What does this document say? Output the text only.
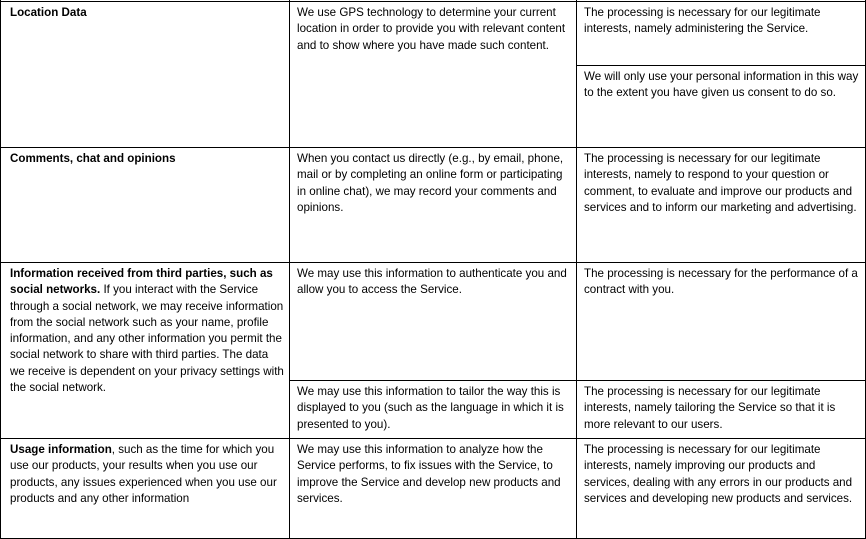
Location Data	We use GPS technology to determine your current location in order to provide you with relevant content and to show where you have made such content.
The processing is necessary for our legitimate interests, namely administering the Service.
We will only use your personal information in this way to the extent you have given us consent to do so.
Comments, chat and opinions	When you contact us directly (e.g., by email, phone, mail or by completing an online form or participating in online chat), we may record your comments and opinions.
The processing is necessary for our legitimate interests, namely to respond to your question or comment, to evaluate and improve our products and services and to inform our marketing and advertising.
Information received from third parties, such as social networks. If you interact with the Service through a social network, we may receive information from the social network such as your name, profile information, and any other information you permit the social network to share with third parties. The data we receive is dependent on your privacy settings with the social network.
We may use this information to authenticate you and allow you to access the Service.
The processing is necessary for the performance of a contract with you.
We may use this information to tailor the way this is displayed to you (such as the language in which it is presented to you).
The processing is necessary for our legitimate interests, namely tailoring the Service so that it is more relevant to our users.
Usage information, such as the time for which you use our products, your results when you use our products, any issues experienced when you use our products and any other information
We may use this information to analyze how the Service performs, to fix issues with the Service, to improve the Service and develop new products and services.
The processing is necessary for our legitimate interests, namely improving our products and services, dealing with any errors in our products and services and developing new products and services.
